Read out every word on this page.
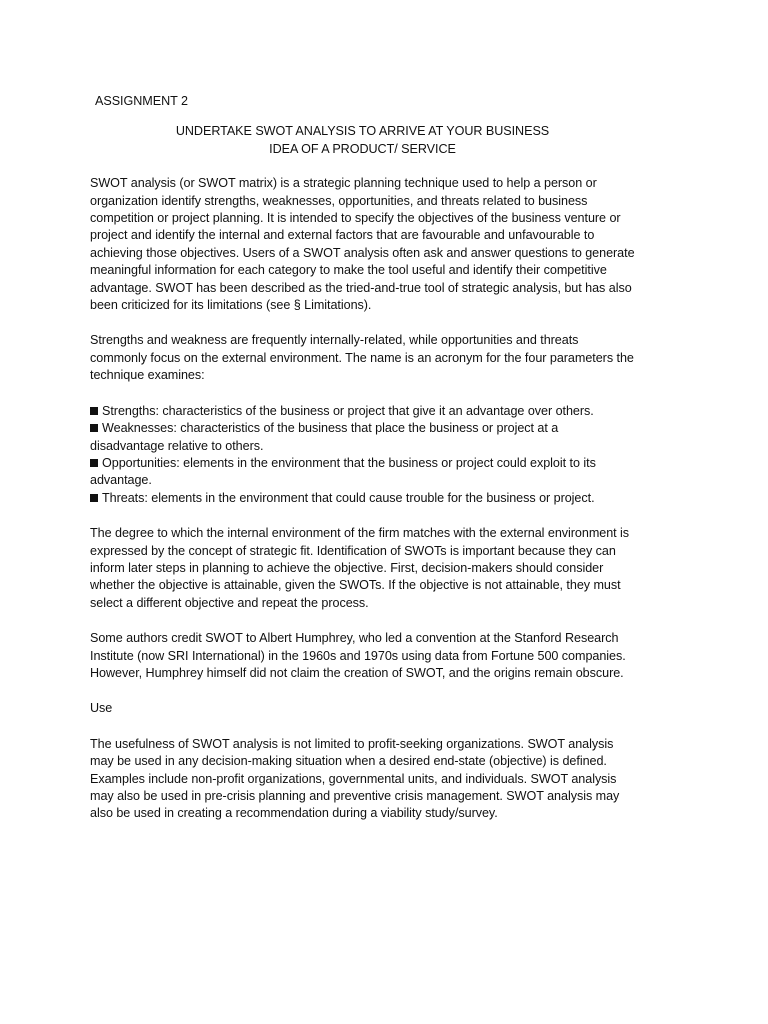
ASSIGNMENT 2
UNDERTAKE SWOT ANALYSIS TO ARRIVE AT YOUR BUSINESS
IDEA OF A PRODUCT/ SERVICE

SWOT analysis (or SWOT matrix) is a strategic planning technique used to help a person or organization identify strengths, weaknesses, opportunities, and threats related to business competition or project planning. It is intended to specify the objectives of the business venture or project and identify the internal and external factors that are favourable and unfavourable to achieving those objectives. Users of a SWOT analysis often ask and answer questions to generate meaningful information for each category to make the tool useful and identify their competitive advantage. SWOT has been described as the tried-and-true tool of strategic analysis, but has also been criticized for its limitations (see § Limitations).

Strengths and weakness are frequently internally-related, while opportunities and threats commonly focus on the external environment. The name is an acronym for the four parameters the technique examines:

Strengths: characteristics of the business or project that give it an advantage over others.
Weaknesses: characteristics of the business that place the business or project at a disadvantage relative to others.
Opportunities: elements in the environment that the business or project could exploit to its advantage.
Threats: elements in the environment that could cause trouble for the business or project.

The degree to which the internal environment of the firm matches with the external environment is expressed by the concept of strategic fit. Identification of SWOTs is important because they can inform later steps in planning to achieve the objective. First, decision-makers should consider whether the objective is attainable, given the SWOTs. If the objective is not attainable, they must select a different objective and repeat the process.

Some authors credit SWOT to Albert Humphrey, who led a convention at the Stanford Research Institute (now SRI International) in the 1960s and 1970s using data from Fortune 500 companies. However, Humphrey himself did not claim the creation of SWOT, and the origins remain obscure.

Use

The usefulness of SWOT analysis is not limited to profit-seeking organizations. SWOT analysis may be used in any decision-making situation when a desired end-state (objective) is defined. Examples include non-profit organizations, governmental units, and individuals. SWOT analysis may also be used in pre-crisis planning and preventive crisis management. SWOT analysis may also be used in creating a recommendation during a viability study/survey.
